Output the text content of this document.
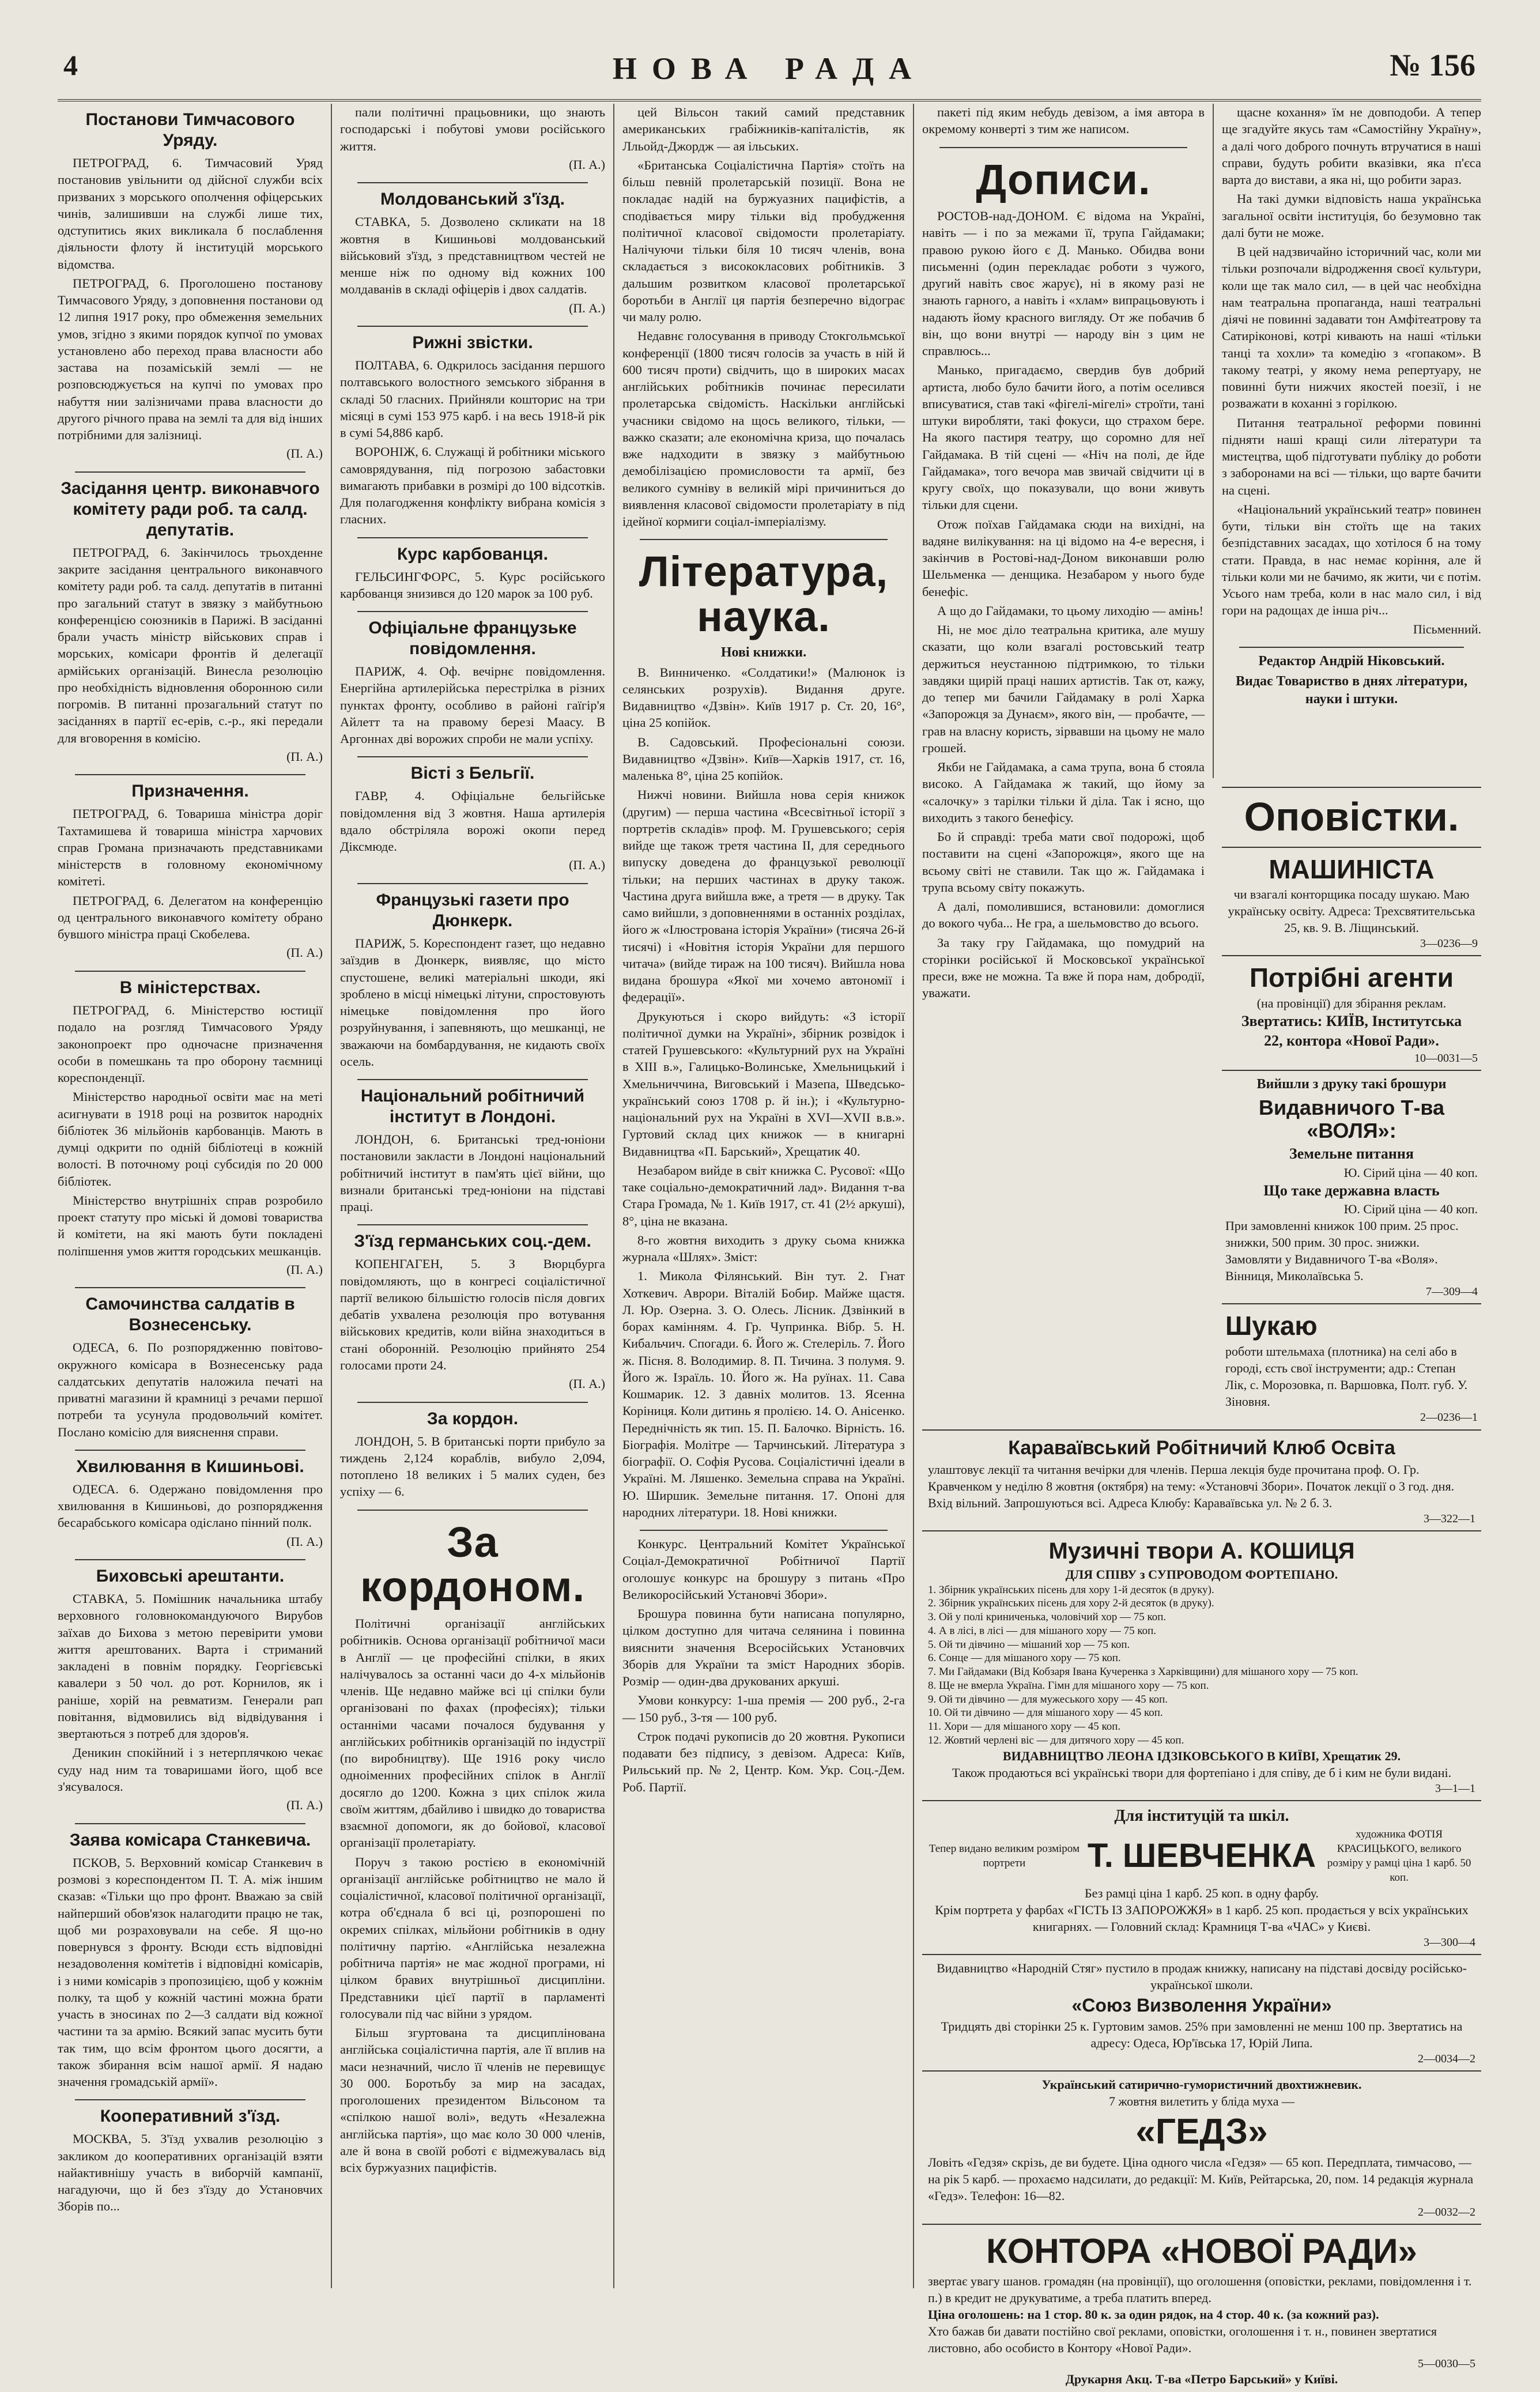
4	НОВА РАДА	№ 156
Постанови Тимчасового Уряду.

ПЕТРОГРАД, 6. Тимчасовий Уряд постановив увільнити од дійсної служби всіх призваних з морського ополчення офіцерських чинів, залишивши на службі лише тих, одступитись яких викликала б послаблення діяльности флоту й інституцій морського відомства.

ПЕТРОГРАД, 6. Проголошено постанову Тимчасового Уряду, з доповнення постанови од 12 липня 1917 року, про обмеження земельних умов, згідно з якими порядок купчої по умовах установлено або переход права власности або застава на позаміській землі — не розповсюджується на купчі по умовах про набуття нии залізничами права власности до другого річного права на землі та для від інших потрібними для залізниці.

(П. А.)

Засідання центр. виконавчого комітету ради роб. та салд. депутатів.

ПЕТРОГРАД, 6. Закінчилось трьохденне закрите засідання центрального виконавчого комітету ради роб. та салд. депутатів в питанні про загальний статут в звязку з майбутньою конференцією союзників в Парижі. В засіданні брали участь міністр військових справ і морських, комісари фронтів й делегації армійських організацій. Винесла резолюцію про необхідність відновлення оборонною сили погромів. В питанні прозагальний статут по засіданнях в партії ес-ерів, с.-р., які передали для вговорення в комісію.

(П. А.)

Призначення.

ПЕТРОГРАД, 6. Товариша міністра доріг Тахтамишева й товариша міністра харчових справ Громана призначають представниками міністерств в головному економічному комітеті.

ПЕТРОГРАД, 6. Делегатом на конференцію од центрального виконавчого комітету обрано бувшого міністра праці Скобелева.

(П. А.)

В міністерствах.

ПЕТРОГРАД, 6. Міністерство юстиції подало на розгляд Тимчасового Уряду законопроект про одночасне призначення особи в помешкань та про оборону таємниці кореспонденції.

Міністерство народньої освіти має на меті асигнувати в 1918 році на розвиток народніх бібліотек 36 мільйонів карбованців. Мають в думці одкрити по одній бібліотеці в кожній волості. В поточному році субсидія по 20 000 бібліотек.

Міністерство внутрішніх справ розробило проект статуту про міські й домові товариства й комітети, на які мають бути покладені поліпшення умов життя городських мешканців.

(П. А.)

Самочинства салдатів в Вознесенську.

ОДЕСА, 6. По розпорядженню повітово-окружного комісара в Вознесенську рада салдатських депутатів наложила печаті на приватні магазини й крамниці з речами першої потреби та усунула продовольчий комітет. Послано комісію для вияснення справи.

Хвилювання в Кишиньові.

ОДЕСА. 6. Одержано повідомлення про хвилювання в Кишиньові, до розпорядження бесарабського комісара одіслано пінний полк.

(П. А.)

Биховські арештанти.

СТАВКА, 5. Помішник начальника штабу верховного головнокомандуючого Вирубов заїхав до Бихова з метою перевірити умови життя арештованих. Варта і стриманий закладені в повнім порядку. Георгієвські кавалери з 50 чол. до рот. Корнилов, як і раніше, хорій на ревматизм. Генерали рап повітання, відмовились від відвідування і звертаються з потреб для здоров'я.

Деникин спокійний і з нетерплячкою чекає суду над ним та товаришами його, щоб все з'ясувалося.

(П. А.)

Заява комісара Станкевича.

ПСКОВ, 5. Верховний комісар Станкевич в розмові з кореспондентом П. Т. А. між іншим сказав: «Тільки що про фронт. Вважаю за свій найперший обов'язок налагодити працю не так, щоб ми розраховували на себе. Я що-но повернувся з фронту. Всюди єсть відповідні незадоволення комітетів і відповідні комісарів, і з ними комісарів з пропозицією, щоб у кожнім полку, та щоб у кожній частині можна брати участь в зносинах по 2—3 салдати від кожної частини та за армію. Всякий запас мусить бути так тим, що всім фронтом цього досягти, а також збирання всім нашої армії. Я надаю значення громадській армії».

Кооперативний з'їзд.

МОСКВА, 5. З'їзд ухвалив резолюцію з закликом до кооперативних організацій взяти найактивнішу участь в виборчій кампанії, нагадуючи, що й без з'їзду до Установчих Зборів по...

пали політичні працьовники, що знають господарські і побутові умови російського життя.

(П. А.)

Молдованський з'їзд.

СТАВКА, 5. Дозволено скликати на 18 жовтня в Кишиньові молдованський військовий з'їзд, з представництвом честей не менше ніж по одному від кожних 100 молдаванів в складі офіцерів і двох салдатів.

(П. А.)

Рижні звістки.

ПОЛТАВА, 6. Одкрилось засідання першого полтавського волостного земського зібрання в складі 50 гласних. Прийняли кошторис на три місяці в сумі 153 975 карб. і на весь 1918-й рік в сумі 54,886 карб.

ВОРОНІЖ, 6. Служащі й робітники міського самоврядування, під погрозою забастовки вимагають прибавки в розмірі до 100 відсотків. Для полагодження конфлікту вибрана комісія з гласних.

Курс карбованця.

ГЕЛЬСИНГФОРС, 5. Курс російського карбованця знизився до 120 марок за 100 руб.

Офіціальне французьке повідомлення.

ПАРИЖ, 4. Оф. вечірнє повідомлення. Енергійна артилерійська перестрілка в різних пунктах фронту, особливо в районі гаїгір'я Айлетт та на правому березі Маасу. В Аргоннах дві ворожих спроби не мали успіху.

Вісті з Бельгії.

ГАВР, 4. Офіціальне бельгійське повідомлення від 3 жовтня. Наша артилерія вдало обстріляла ворожі окопи перед Діксмюде.

(П. А.)

Французькі газети про Дюнкерк.

ПАРИЖ, 5. Кореспондент газет, що недавно заїздив в Дюнкерк, виявляє, що місто спустошене, великі матеріальні шкоди, які зроблено в місці німецькі літуни, спростовують німецьке повідомлення про його розруйнування, і запевняють, що мешканці, не зважаючи на бомбардування, не кидають своїх осель.

Національний робітничий інститут в Лондоні.

ЛОНДОН, 6. Британські тред-юніони постановили закласти в Лондоні національний робітничий інститут в пам'ять цієї війни, що визнали британські тред-юніони на підставі праці.

З'їзд германських соц.-дем.

КОПЕНГАГЕН, 5. З Вюрцбурга повідомляють, що в конгресі соціалістичної партії великою більшістю голосів після довгих дебатів ухвалена резолюція про вотування військових кредитів, коли війна знаходиться в стані оборонній. Резолюцію прийнято 254 голосами проти 24.

(П. А.)

За кордон.

ЛОНДОН, 5. В британські порти прибуло за тиждень 2,124 кораблів, вибуло 2,094, потоплено 18 великих і 5 малих суден, без успіху — 6.

За кордоном.

Політичні організації англійських робітників. Основа організації робітничої маси в Англії — це професійні спілки, в яких налічувалось за останні часи до 4-х мільйонів членів. Ще недавно майже всі ці спілки були організовані по фахах (професіях); тільки останніми часами почалося будування у англійських робітників організацій по індустрії (по виробництву). Ще 1916 року число одноіменних професійних спілок в Англії досягло до 1200. Кожна з цих спілок жила своїм життям, дбайливо і швидко до товариства взаємної допомоги, як до бойової, класової організації пролетаріату.

Поруч з такою ростією в економічній організації англійське робітництво не мало й соціалістичної, класової політичної організації, котра об'єднала б всі ці, розпорошені по окремих спілках, мільйони робітників в одну політичну партію. «Англійська незалежна робітнича партія» не має жодної програми, ні цілком бравих внутрішньої дисципліни. Представники цієї партії в парламенті голосували під час війни з урядом.

Більш згуртована та дисциплінована англійська соціалістична партія, але її вплив на маси незначний, число її членів не перевищує 30 000. Боротьбу за мир на засадах, проголошених президентом Вільсоном та «спілкою нашої волі», ведуть «Незалежна англійська партія», що має коло 30 000 членів, але й вона в своїй роботі є відмежувалась від всіх буржуазних пацифістів.

цей Вільсон такий самий представник американських грабіжників-капіталістів, як Лльойд-Джордж — ая ільських.

«Британська Соціалістична Партія» стоїть на більш певній пролетарській позиції. Вона не покладає надій на буржуазних пацифістів, а сподівається миру тільки від пробудження політичної класової свідомости пролетаріату. Налічуючи тільки біля 10 тисяч членів, вона складається з висококласових робітників. З дальшим розвитком класової пролетарської боротьби в Англії ця партія безперечно відограє чи малу ролю.

Недавнє голосування в приводу Стокгольмської конференції (1800 тисяч голосів за участь в ній й 600 тисяч проти) свідчить, що в широких масах англійських робітників починає пересилати пролетарська свідомість. Наскільки англійські учасники свідомо на щось великого, тільки, — важко сказати; але економічна криза, що почалась вже надходити в звязку з майбутньою демобілізацією промисловости та армії, без великого сумніву в великій мірі причиниться до виявлення класової свідомости пролетаріату в під ідейної кормиги соціал-імперіалізму.

Література, наука.
Нові книжки.

В. Винниченко. «Солдатики!» (Малюнок із селянських розрухів). Видання друге. Видавництво «Дзвін». Київ 1917 р. Ст. 20, 16°, ціна 25 копійок.

В. Садовський. Професіональні союзи. Видавництво «Дзвін». Київ—Харків 1917, ст. 16, маленька 8°, ціна 25 копійок.

Нижчі новини. Вийшла нова серія книжок (другим) — перша частина «Всесвітньої історії з портретів складів» проф. М. Грушевського; серія вийде ще також третя частина II, для середнього випуску доведена до французької революції тільки; на перших частинах в друку також. Частина друга вийшла вже, а третя — в друку. Так само вийшли, з доповненнями в останніх розділах, його ж «Ілюстрована історія України» (тисяча 26-й тисячі) і «Новітня історія України для першого читача» (вийде тираж на 100 тисяч). Вийшла нова видана брошура «Якої ми хочемо автономії і федерації».

Друкуються і скоро вийдуть: «З історії політичної думки на Україні», збірник розвідок і статей Грушевського: «Культурний рух на Україні в XIII в.», Галицько-Волинське, Хмельницький і Хмельниччина, Виговський і Мазепа, Шведсько-український союз 1708 р. й ін.); і «Культурно-національний рух на Україні в XVI—XVII в.в.». Гуртовий склад цих книжок — в книгарні Видавництва «П. Барський», Хрещатик 40.

Незабаром вийде в світ книжка С. Русової: «Що таке соціально-демократичний лад». Видання т-ва Стара Громада, № 1. Київ 1917, ст. 41 (2½ аркуші), 8°, ціна не вказана.

8-го жовтня виходить з друку сьома книжка журнала «Шлях». Зміст:

1. Микола Філянський. Він тут. 2. Гнат Хоткевич. Аврори. Віталій Бобир. Майже щастя. Л. Юр. Озерна. 3. О. Олесь. Лісник. Дзвінкий в борах камінням. 4. Гр. Чупринка. Вібр. 5. Н. Кибальчич. Спогади. 6. Його ж. Стелеріль. 7. Його ж. Пісня. 8. Володимир. 8. П. Тичина. З полумя. 9. Його ж. Ізраїль. 10. Його ж. На руїнах. 11. Сава Кошмарик. 12. З давніх молитов. 13. Ясенна Коріниця. Коли дитинь я пролією. 14. О. Анісенко. Переднічність як тип. 15. П. Балочко. Вірність. 16. Біографія. Молітре — Тарчинський. Література з біографії. О. Софія Русова. Соціалістичні ідеали в Україні. М. Ляшенко. Земельна справа на Україні. Ю. Ширшик. Земельне питання. 17. Опоні для народних літератури. 18. Нові книжки.

Конкурс. Центральний Комітет Української Соціал-Демократичної Робітничої Партії оголошує конкурс на брошуру з питань «Про Великоросійський Установчі Збори».

Брошура повинна бути написана популярно, цілком доступно для читача селянина і повинна вияснити значення Всеросійських Установчих Зборів для України та зміст Народних зборів. Розмір — один-два друкованих аркуші.

Умови конкурсу: 1-ша премія — 200 руб., 2-га — 150 руб., 3-тя — 100 руб.

Строк подачі рукописів до 20 жовтня. Рукописи подавати без підпису, з девізом. Адреса: Київ, Рильський пр. № 2, Центр. Ком. Укр. Соц.-Дем. Роб. Партії.

пакеті під яким небудь девізом, а імя автора в окремому конверті з тим же написом.

Дописи.

РОСТОВ-над-ДОНОМ. Є відома на Україні, навіть — і по за межами її, трупа Гайдамаки; правою рукою його є Д. Манько. Обидва вони письменні (один перекладає роботи з чужого, другий навіть своє жарує), ні в якому разі не знають гарного, а навіть і «хлам» випрацьовують і надають йому красного вигляду. От же побачив б він, що вони внутрі — народу він з цим не справлюсь...

Манько, пригадаємо, свердив був добрий артиста, любо було бачити його, а потім оселився вписуватися, став такі «фігелі-мігелі» строїти, тані штуки виробляти, такі фокуси, що страхом бере. На якого пастиря театру, що соромно для неї Гайдамака. В тій сцені — «Ніч на полі, де йде Гайдамака», того вечора мав звичай свідчити ці в кругу своїх, що показували, що вони живуть тільки для сцени.

Отож поїхав Гайдамака сюди на вихідні, на вадяне вилікування: на ці відомо на 4-е вересня, і закінчив в Ростові-над-Доном виконавши ролю Шельменка — денщика. Незабаром у нього буде бенефіс.

А що до Гайдамаки, то цьому лиходію — амінь!

Ні, не моє діло театральна критика, але мушу сказати, що коли взагалі ростовський театр держиться неустанною підтримкою, то тільки завдяки щирій праці наших артистів. Так от, кажу, до тепер ми бачили Гайдамаку в ролі Харка «Запорожця за Дунаєм», якого він, — пробачте, — грав на власну користь, зірвавши на цьому не мало грошей.

Якби не Гайдамака, а сама трупа, вона б стояла високо. А Гайдамака ж такий, що йому за «салочку» з тарілки тільки й діла. Так і ясно, що виходить з такого бенефісу.

Бо й справді: треба мати свої подорожі, щоб поставити на сцені «Запорожця», якого ще на всьому світі не ставили. Так що ж. Гайдамака і трупа всьому світу покажуть.

А далі, помолившися, встановили: домоглися до вокого чуба... Не гра, а шельмовство до всього.

За таку гру Гайдамака, що помудрий на сторінки російської й Московської української преси, вже не можна. Та вже й пора нам, добродії, уважати.

щасне кохання» їм не довподоби. А тепер ще згадуйте якусь там «Самостійну Україну», а далі чого доброго почнуть втручатися в наші справи, будуть робити вказівки, яка п'єса варта до вистави, а яка ні, що робити зараз.

На такі думки відповість наша українська загальної освіти інституція, бо безумовно так далі бути не може.

В цей надзвичайно історичний час, коли ми тільки розпочали відродження своєї культури, коли ще так мало сил, — в цей час необхідна нам театральна пропаганда, наші театральні діячі не повинні задавати тон Амфітеатрову та Сатиріконові, котрі кивають на наші «тільки танці та хохли» та комедію з «гопаком». В такому театрі, у якому нема репертуару, не повинні бути нижчих якостей поезії, і не розважати в коханні з горілкою.

Питання театральної реформи повинні підняти наші кращі сили літератури та мистецтва, щоб підготувати публіку до роботи з заборонами на всі — тільки, що варте бачити на сцені.

«Національний український театр» повинен бути, тільки він стоїть ще на таких безпідставних засадах, що хотілося б на тому стати. Правда, в нас немає коріння, але й тільки коли ми не бачимо, як жити, чи є потім. Усього нам треба, коли в нас мало сил, і від гори на радощах де інша річ...

Пісьменний.

Редактор Андрій Ніковський.

Видає Товариство в днях літератури, науки і штуки.

Оповістки.
МАШИНІСТА

чи взагалі конторщика посаду шукаю. Маю українську освіту. Адреса: Трехсвятительська 25, кв. 9. В. Ліщинський.

3—0236—9

Потрібні агенти

(на провінції) для збірання реклам.

Звертатись: КИЇВ, Інститутська

22, контора «Нової Ради».

10—0031—5

Вийшли з друку такі брошури

Видавничого Т-ва «ВОЛЯ»:

Земельне питання

Ю. Сірий ціна — 40 коп.

Що таке державна власть

Ю. Сірий ціна — 40 коп.

При замовленні книжок 100 прим. 25 прос. знижки, 500 прим. 30 прос. знижки. Замовляти у Видавничого Т-ва «Воля». Вінниця, Миколаївська 5.

7—309—4

Шукаю

роботи штельмаха (плотника) на селі або в городі, єсть свої інструменти; адр.: Степан Лік, с. Морозовка, п. Варшовка, Полт. губ. У. Зіновня.

2—0236—1

Караваївський Робітничий Клюб Освіта

улаштовує лекції та читання вечірки для членів. Перша лекція буде прочитана проф. О. Гр. Кравченком у неділю 8 жовтня (октября) на тему: «Установчі Збори». Початок лекції о 3 год. дня. Вхід вільний. Запрошуються всі. Адреса Клюбу: Караваївська ул. № 2 б. 3.

3—322—1

Музичні твори А. КОШИЦЯ

ДЛЯ СПІВУ з СУПРОВОДОМ ФОРТЕПІАНО.

1. Збірник українських пісень для хору 1-й десяток (в друку).

2. Збірник українських пісень для хору 2-й десяток (в друку).

3. Ой у полі криниченька, чоловічий хор — 75 коп.

4. А в лісі, в лісі — для мішаного хору — 75 коп.

5. Ой ти дівчино — мішаний хор — 75 коп.

6. Сонце — для мішаного хору — 75 коп.

7. Ми Гайдамаки (Від Кобзаря Івана Кучеренка з Харківщини) для мішаного хору — 75 коп.

8. Ще не вмерла Україна. Гімн для мішаного хору — 75 коп.

9. Ой ти дівчино — для мужеського хору — 45 коп.

10. Ой ти дівчино — для мішаного хору — 45 коп.

11. Хори — для мішаного хору — 45 коп.

12. Жовтий черлені віс — для дитячого хору — 45 коп.

ВИДАВНИЦТВО ЛЕОНА ІДЗІКОВСЬКОГО В КИЇВІ, Хрещатик 29.

Також продаються всі українські твори для фортепіано і для співу, де б і ким не були видані.

3—1—1

Для інституцій та шкіл.

Тепер видано великим розміром портрети	Т. ШЕВЧЕНКА

художника ФОТІЯ КРАСИЦЬКОГО, великого розміру у рамці ціна 1 карб. 50 коп.

Без рамці ціна 1 карб. 25 коп. в одну фарбу.

Крім портрета у фарбах «ГІСТЬ ІЗ ЗАПОРОЖЖЯ» в 1 карб. 25 коп. продається у всіх українських книгарнях. — Головний склад: Крамниця Т-ва «ЧАС» у Києві.

3—300—4

Видавництво «Народній Стяг» пустило в продаж книжку, написану на підставі досвіду російсько-української школи.

«Союз Визволення України»

Тридцять дві сторінки 25 к. Гуртовим замов. 25% при замовленні не менш 100 пр. Звертатись на адресу: Одеса, Юр'ївська 17, Юрій Липа.

2—0034—2

Український сатирично-гумористичний двохтижневик.

7 жовтня вилетить у бліда муха —

«ГЕДЗ»

Ловіть «Гедзя» скрізь, де ви будете. Ціна одного числа «Гедзя» — 65 коп. Передплата, тимчасово, — на рік 5 карб. — прохаємо надсилати, до редакції: М. Київ, Рейтарська, 20, пом. 14 редакція журнала «Гедз». Телефон: 16—82.

2—0032—2

КОНТОРА «НОВОЇ РАДИ»

звертає увагу шанов. громадян (на провінції), що оголошення (оповістки, реклами, повідомлення і т. п.) в кредит не друкуватиме, а треба платить вперед.

Ціна оголошень: на 1 стор. 80 к. за один рядок, на 4 стор. 40 к. (за кожний раз).

Хто бажав би давати постійно свої реклами, оповістки, оголошення і т. н., повинен звертатися листовно, або особисто в Контору «Нової Ради».

5—0030—5

Друкарня Акц. Т-ва «Петро Барський» у Київі.
